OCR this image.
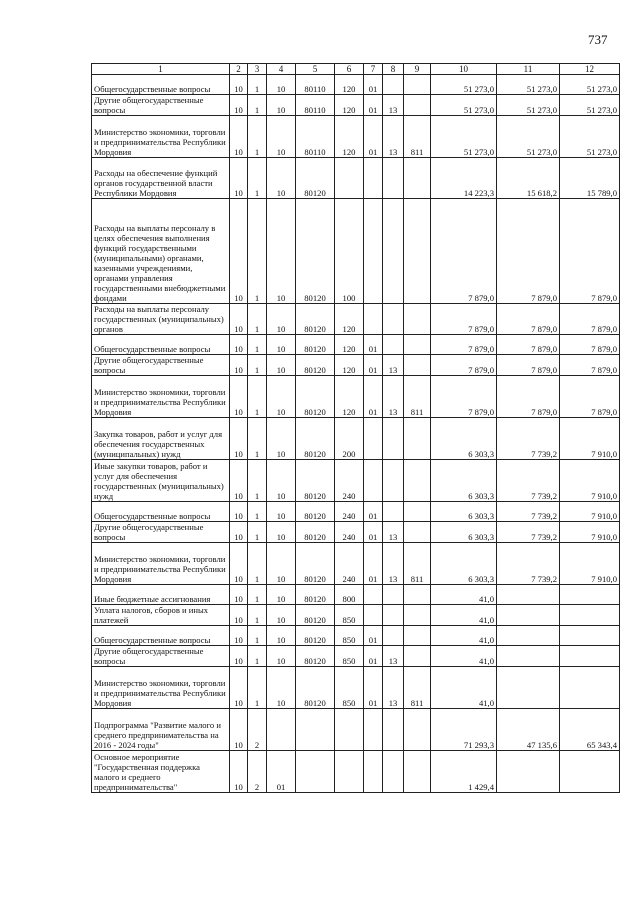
737
1	2	3	4	5	6	7	8	9	10	11	12
Общегосударственные вопросы	10	1	10	80110	120	01			51 273,0	51 273,0	51 273,0
Другие общегосударственные вопросы	10	1	10	80110	120	01	13		51 273,0	51 273,0	51 273,0
Министерство экономики, торговли и предпринимательства Республики Мордовия	10	1	10	80110	120	01	13	811	51 273,0	51 273,0	51 273,0
Расходы на обеспечение функций органов государственной власти Республики Мордовия	10	1	10	80120					14 223,3	15 618,2	15 789,0
Расходы на выплаты персоналу в целях обеспечения выполнения функций государственными (муниципальными) органами, казенными учреждениями, органами управления государственными внебюджетными фондами	10	1	10	80120	100				7 879,0	7 879,0	7 879,0
Расходы на выплаты персоналу государственных (муниципальных) органов	10	1	10	80120	120				7 879,0	7 879,0	7 879,0
Общегосударственные вопросы	10	1	10	80120	120	01			7 879,0	7 879,0	7 879,0
Другие общегосударственные вопросы	10	1	10	80120	120	01	13		7 879,0	7 879,0	7 879,0
Министерство экономики, торговли и предпринимательства Республики Мордовия	10	1	10	80120	120	01	13	811	7 879,0	7 879,0	7 879,0
Закупка товаров, работ и услуг для обеспечения государственных (муниципальных) нужд	10	1	10	80120	200				6 303,3	7 739,2	7 910,0
Иные закупки товаров, работ и услуг для обеспечения государственных (муниципальных) нужд	10	1	10	80120	240				6 303,3	7 739,2	7 910,0
Общегосударственные вопросы	10	1	10	80120	240	01			6 303,3	7 739,2	7 910,0
Другие общегосударственные вопросы	10	1	10	80120	240	01	13		6 303,3	7 739,2	7 910,0
Министерство экономики, торговли и предпринимательства Республики Мордовия	10	1	10	80120	240	01	13	811	6 303,3	7 739,2	7 910,0
Иные бюджетные ассигнования	10	1	10	80120	800				41,0		
Уплата налогов, сборов и иных платежей	10	1	10	80120	850				41,0		
Общегосударственные вопросы	10	1	10	80120	850	01			41,0		
Другие общегосударственные вопросы	10	1	10	80120	850	01	13		41,0		
Министерство экономики, торговли и предпринимательства Республики Мордовия	10	1	10	80120	850	01	13	811	41,0		
Подпрограмма "Развитие малого и среднего предпринимательства на 2016 - 2024 годы"	10	2							71 293,3	47 135,6	65 343,4
Основное мероприятие "Государственная поддержка малого и среднего предпринимательства"	10	2	01						1 429,4		
